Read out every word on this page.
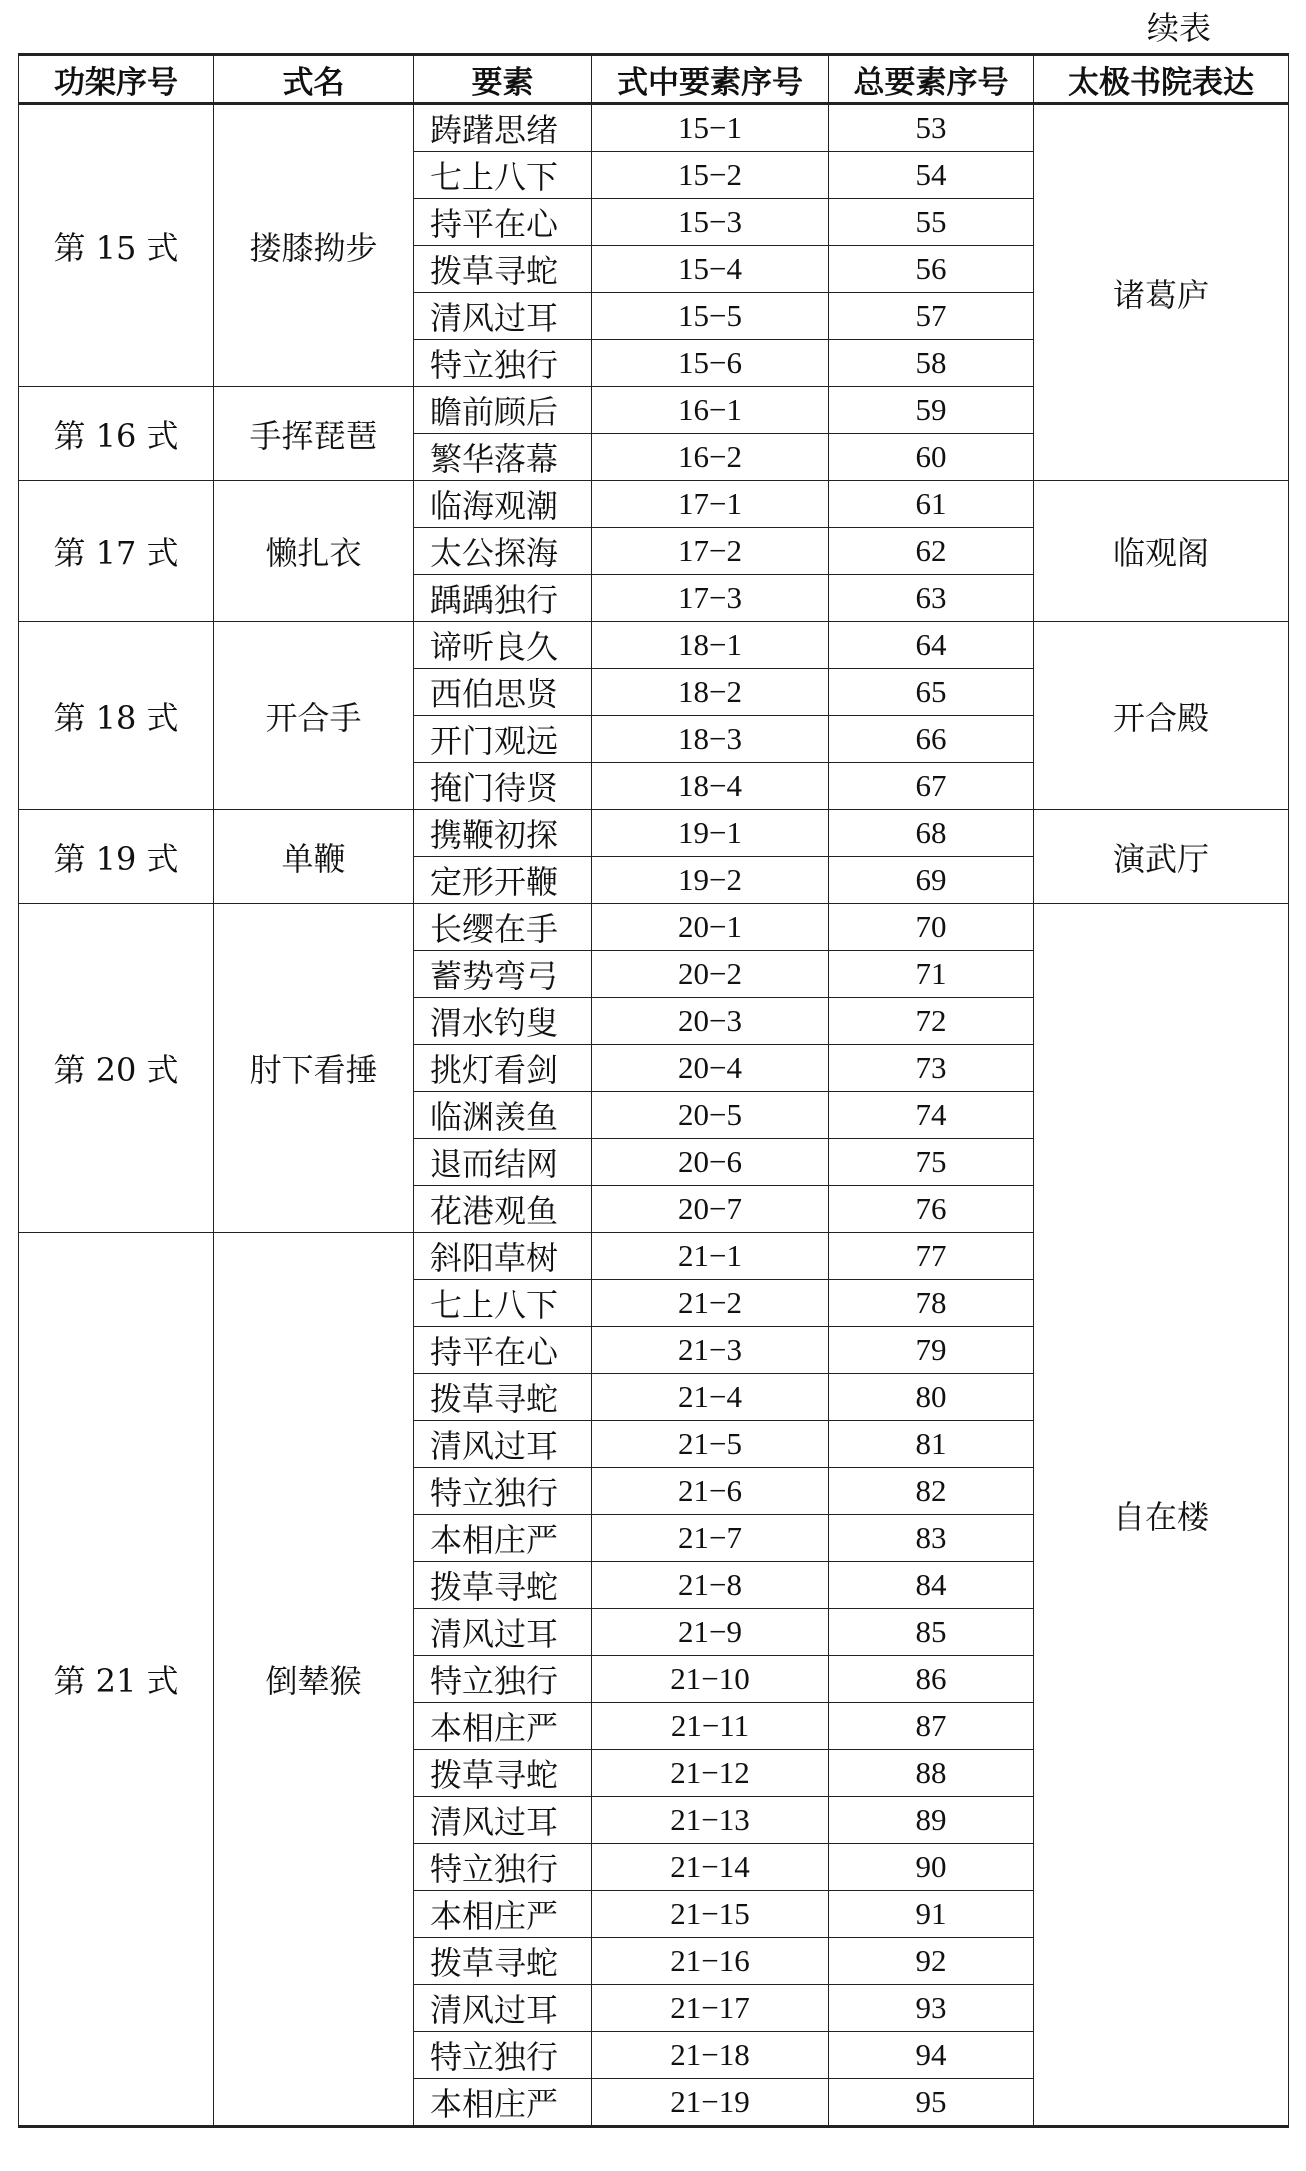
续表
功架序号	式名	要素	式中要素序号	总要素序号	太极书院表达
第 15 式	搂膝拗步	踌躇思绪	15−1	53	诸葛庐
		七上八下	15−2	54	
		持平在心	15−3	55	
		拨草寻蛇	15−4	56	
		清风过耳	15−5	57	
		特立独行	15−6	58	
第 16 式	手挥琵琶	瞻前顾后	16−1	59	
		繁华落幕	16−2	60	
第 17 式	懒扎衣	临海观潮	17−1	61	临观阁
		太公探海	17−2	62	
		踽踽独行	17−3	63	
第 18 式	开合手	谛听良久	18−1	64	开合殿
		西伯思贤	18−2	65	
		开门观远	18−3	66	
		掩门待贤	18−4	67	
第 19 式	单鞭	携鞭初探	19−1	68	演武厅
		定形开鞭	19−2	69	
第 20 式	肘下看捶	长缨在手	20−1	70	自在楼
		蓄势弯弓	20−2	71	
		渭水钓叟	20−3	72	
		挑灯看剑	20−4	73	
		临渊羡鱼	20−5	74	
		退而结网	20−6	75	
		花港观鱼	20−7	76	
第 21 式	倒辇猴	斜阳草树	21−1	77	
		七上八下	21−2	78	
		持平在心	21−3	79	
		拨草寻蛇	21−4	80	
		清风过耳	21−5	81	
		特立独行	21−6	82	
		本相庄严	21−7	83	
		拨草寻蛇	21−8	84	
		清风过耳	21−9	85	
		特立独行	21−10	86	
		本相庄严	21−11	87	
		拨草寻蛇	21−12	88	
		清风过耳	21−13	89	
		特立独行	21−14	90	
		本相庄严	21−15	91	
		拨草寻蛇	21−16	92	
		清风过耳	21−17	93	
		特立独行	21−18	94	
		本相庄严	21−19	95	
